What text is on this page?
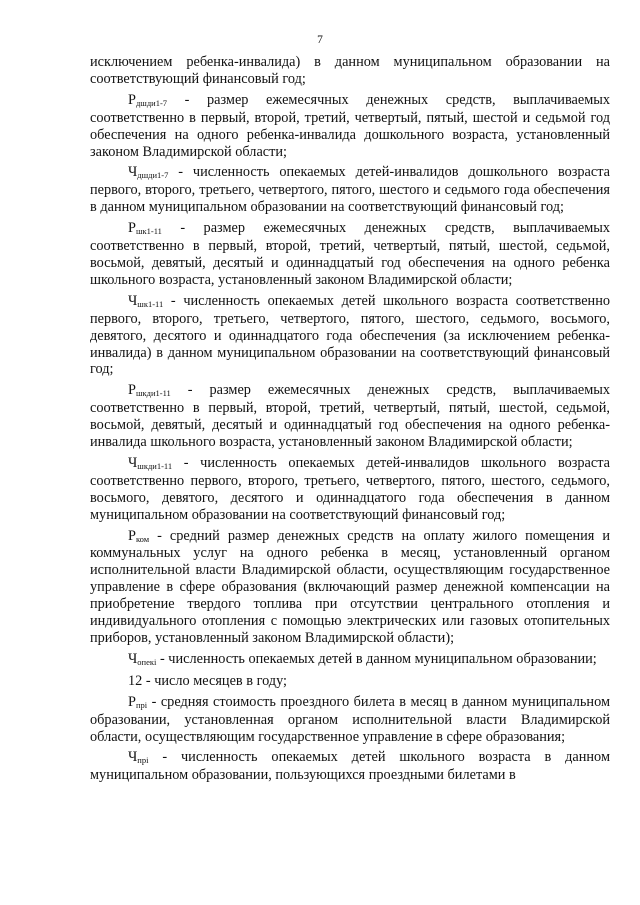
7

исключением ребенка-инвалида) в данном муниципальном образовании на соответствующий финансовый год;

Рдшди1-7 - размер ежемесячных денежных средств, выплачиваемых соответственно в первый, второй, третий, четвертый, пятый, шестой и седьмой год обеспечения на одного ребенка-инвалида дошкольного возраста, установленный законом Владимирской области;

Чдшди1-7 - численность опекаемых детей-инвалидов дошкольного возраста первого, второго, третьего, четвертого, пятого, шестого и седьмого года обеспечения в данном муниципальном образовании на соответствующий финансовый год;

Ршк1-11 - размер ежемесячных денежных средств, выплачиваемых соответственно в первый, второй, третий, четвертый, пятый, шестой, седьмой, восьмой, девятый, десятый и одиннадцатый год обеспечения на одного ребенка школьного возраста, установленный законом Владимирской области;

Чшк1-11 - численность опекаемых детей школьного возраста соответственно первого, второго, третьего, четвертого, пятого, шестого, седьмого, восьмого, девятого, десятого и одиннадцатого года обеспечения (за исключением ребенка-инвалида) в данном муниципальном образовании на соответствующий финансовый год;

Ршкди1-11 - размер ежемесячных денежных средств, выплачиваемых соответственно в первый, второй, третий, четвертый, пятый, шестой, седьмой, восьмой, девятый, десятый и одиннадцатый год обеспечения на одного ребенка-инвалида школьного возраста, установленный законом Владимирской области;

Чшкди1-11 - численность опекаемых детей-инвалидов школьного возраста соответственно первого, второго, третьего, четвертого, пятого, шестого, седьмого, восьмого, девятого, десятого и одиннадцатого года обеспечения в данном муниципальном образовании на соответствующий финансовый год;

Рком - средний размер денежных средств на оплату жилого помещения и коммунальных услуг на одного ребенка в месяц, установленный органом исполнительной власти Владимирской области, осуществляющим государственное управление в сфере образования (включающий размер денежной компенсации на приобретение твердого топлива при отсутствии центрального отопления и индивидуального отопления с помощью электрических или газовых отопительных приборов, установленный законом Владимирской области);

Чопекi - численность опекаемых детей в данном муниципальном образовании;

12 - число месяцев в году;

Рпрi - средняя стоимость проездного билета в месяц в данном муниципальном образовании, установленная органом исполнительной власти Владимирской области, осуществляющим государственное управление в сфере образования;

Чпрi - численность опекаемых детей школьного возраста в данном муниципальном образовании, пользующихся проездными билетами в
